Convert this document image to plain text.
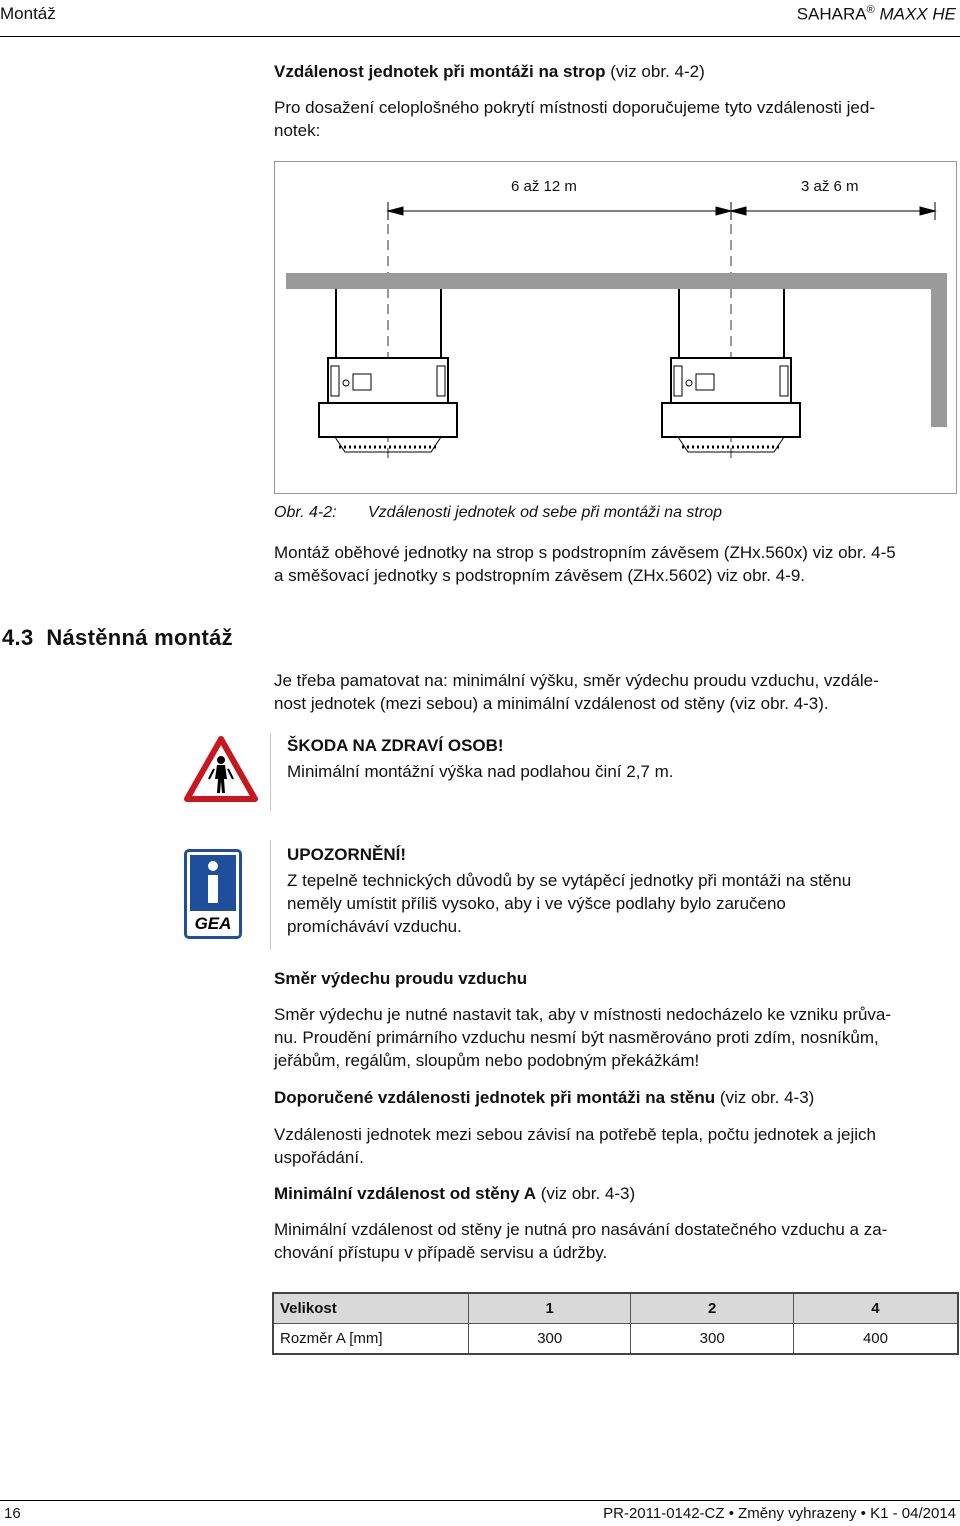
Montáž	SAHARA® MAXX HE
Vzdálenost jednotek při montáži na strop (viz obr. 4-2)
Pro dosažení celoplošného pokrytí místnosti doporučujeme tyto vzdálenosti jed-
notek:
6 až 12 m	3 až 6 m
Obr. 4-2: Vzdálenosti jednotek od sebe při montáži na strop
Montáž oběhové jednotky na strop s podstropním závěsem (ZHx.560x) viz obr. 4-5
a směšovací jednotky s podstropním závěsem (ZHx.5602) viz obr. 4-9.
4.3 Nástěnná montáž
Je třeba pamatovat na: minimální výšku, směr výdechu proudu vzduchu, vzdále-
nost jednotek (mezi sebou) a minimální vzdálenost od stěny (viz obr. 4-3).
ŠKODA NA ZDRAVÍ OSOB!
Minimální montážní výška nad podlahou činí 2,7 m.
GEA
UPOZORNĚNÍ!
Z tepelně technických důvodů by se vytápěcí jednotky při montáži na stěnu
neměly umístit příliš vysoko, aby i ve výšce podlahy bylo zaručeno
promícháváví vzduchu.
Směr výdechu proudu vzduchu
Směr výdechu je nutné nastavit tak, aby v místnosti nedocházelo ke vzniku průva-
nu. Proudění primárního vzduchu nesmí být nasměrováno proti zdím, nosníkům,
jeřábům, regálům, sloupům nebo podobným překážkám!
Doporučené vzdálenosti jednotek při montáži na stěnu (viz obr. 4-3)
Vzdálenosti jednotek mezi sebou závisí na potřebě tepla, počtu jednotek a jejich
uspořádání.
Minimální vzdálenost od stěny A (viz obr. 4-3)
Minimální vzdálenost od stěny je nutná pro nasávání dostatečného vzduchu a za-
chování přístupu v případě servisu a údržby.
Velikost	1	2	4
Rozměr A [mm]	300	300	400
16	PR-2011-0142-CZ • Změny vyhrazeny • K1 - 04/2014
